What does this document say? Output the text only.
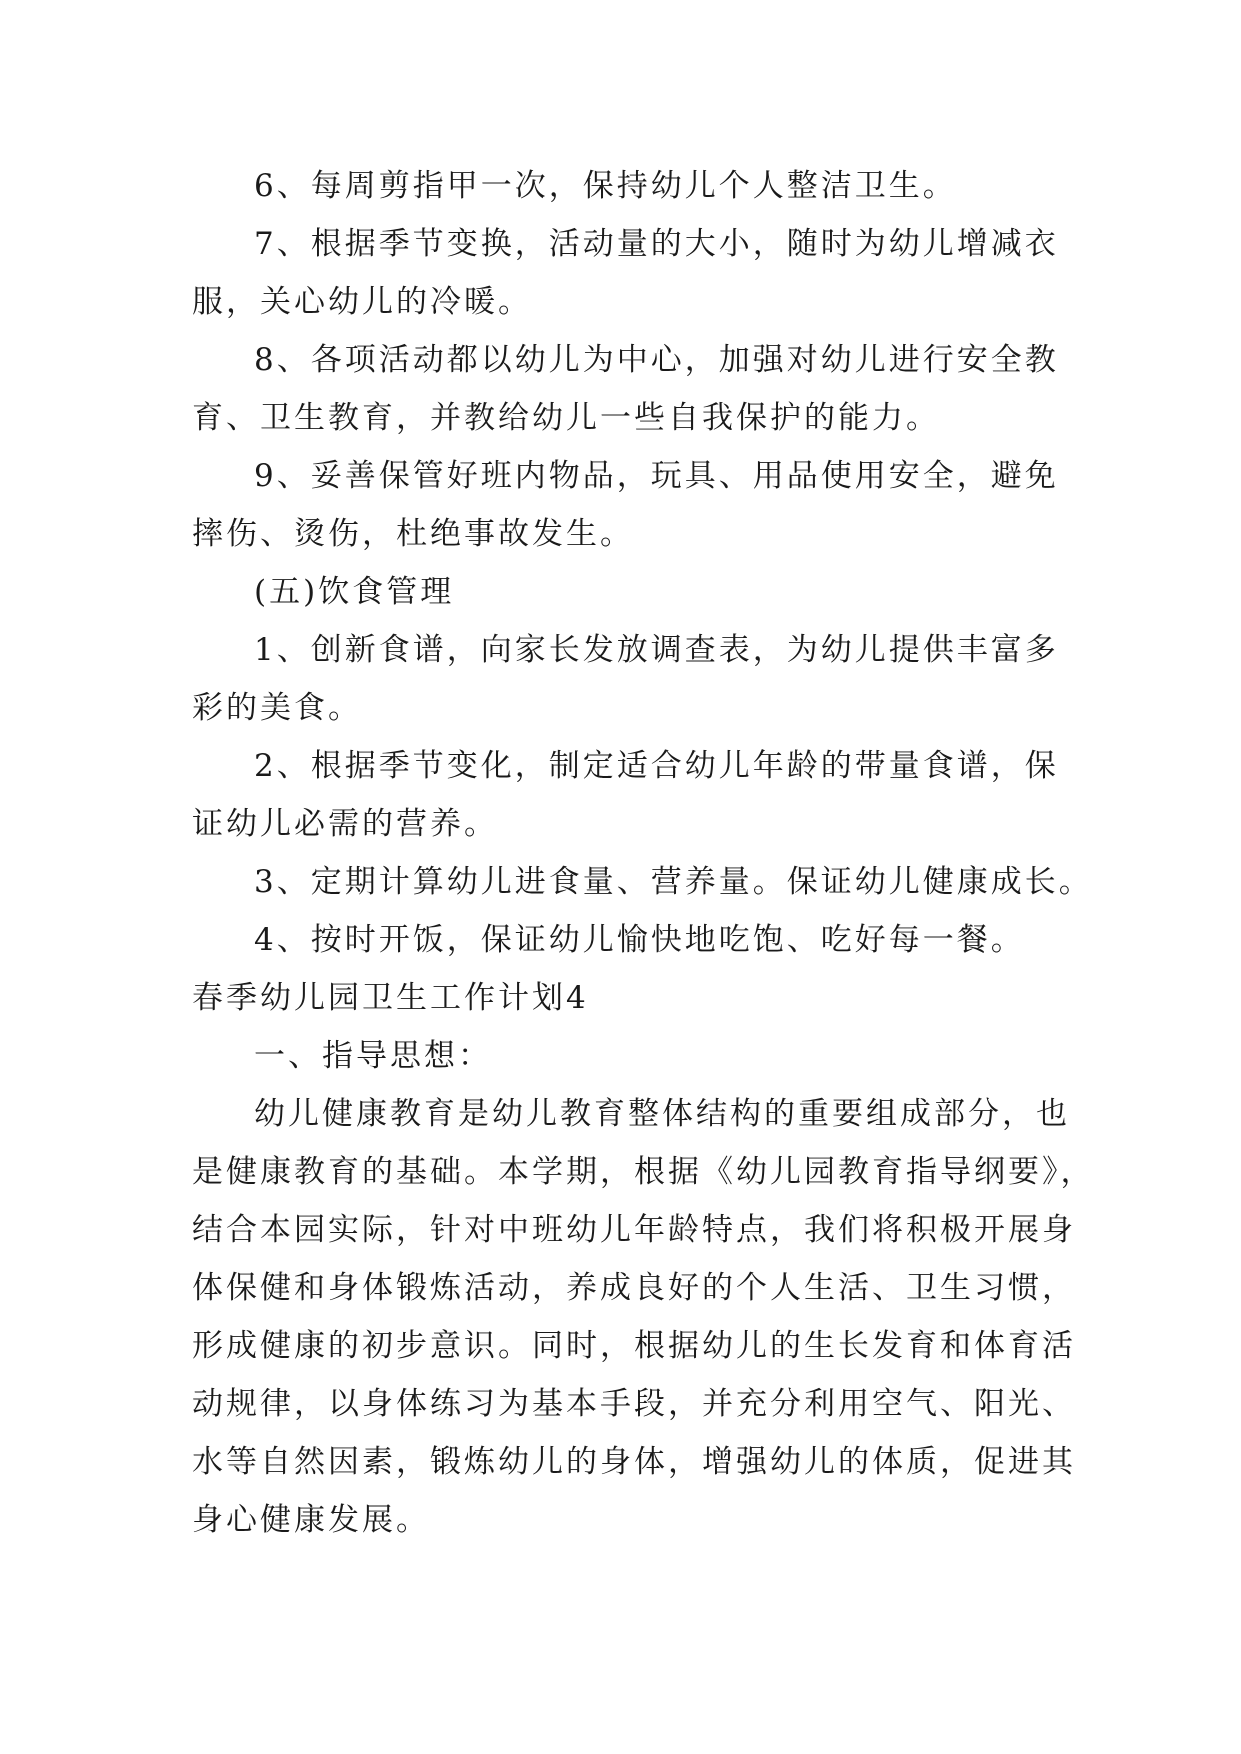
6、每周剪指甲一次，保持幼儿个人整洁卫生。
7、根据季节变换，活动量的大小，随时为幼儿增减衣
服，关心幼儿的冷暖。
8、各项活动都以幼儿为中心，加强对幼儿进行安全教
育、卫生教育，并教给幼儿一些自我保护的能力。
9、妥善保管好班内物品，玩具、用品使用安全，避免
摔伤、烫伤，杜绝事故发生。
(五)饮食管理
1、创新食谱，向家长发放调查表，为幼儿提供丰富多
彩的美食。
2、根据季节变化，制定适合幼儿年龄的带量食谱，保
证幼儿必需的营养。
3、定期计算幼儿进食量、营养量。保证幼儿健康成长。
4、按时开饭，保证幼儿愉快地吃饱、吃好每一餐。
春季幼儿园卫生工作计划4
一、指导思想：
幼儿健康教育是幼儿教育整体结构的重要组成部分，也
是健康教育的基础。本学期，根据《幼儿园教育指导纲要》，
结合本园实际，针对中班幼儿年龄特点，我们将积极开展身
体保健和身体锻炼活动，养成良好的个人生活、卫生习惯，
形成健康的初步意识。同时，根据幼儿的生长发育和体育活
动规律，以身体练习为基本手段，并充分利用空气、阳光、
水等自然因素，锻炼幼儿的身体，增强幼儿的体质，促进其
身心健康发展。
